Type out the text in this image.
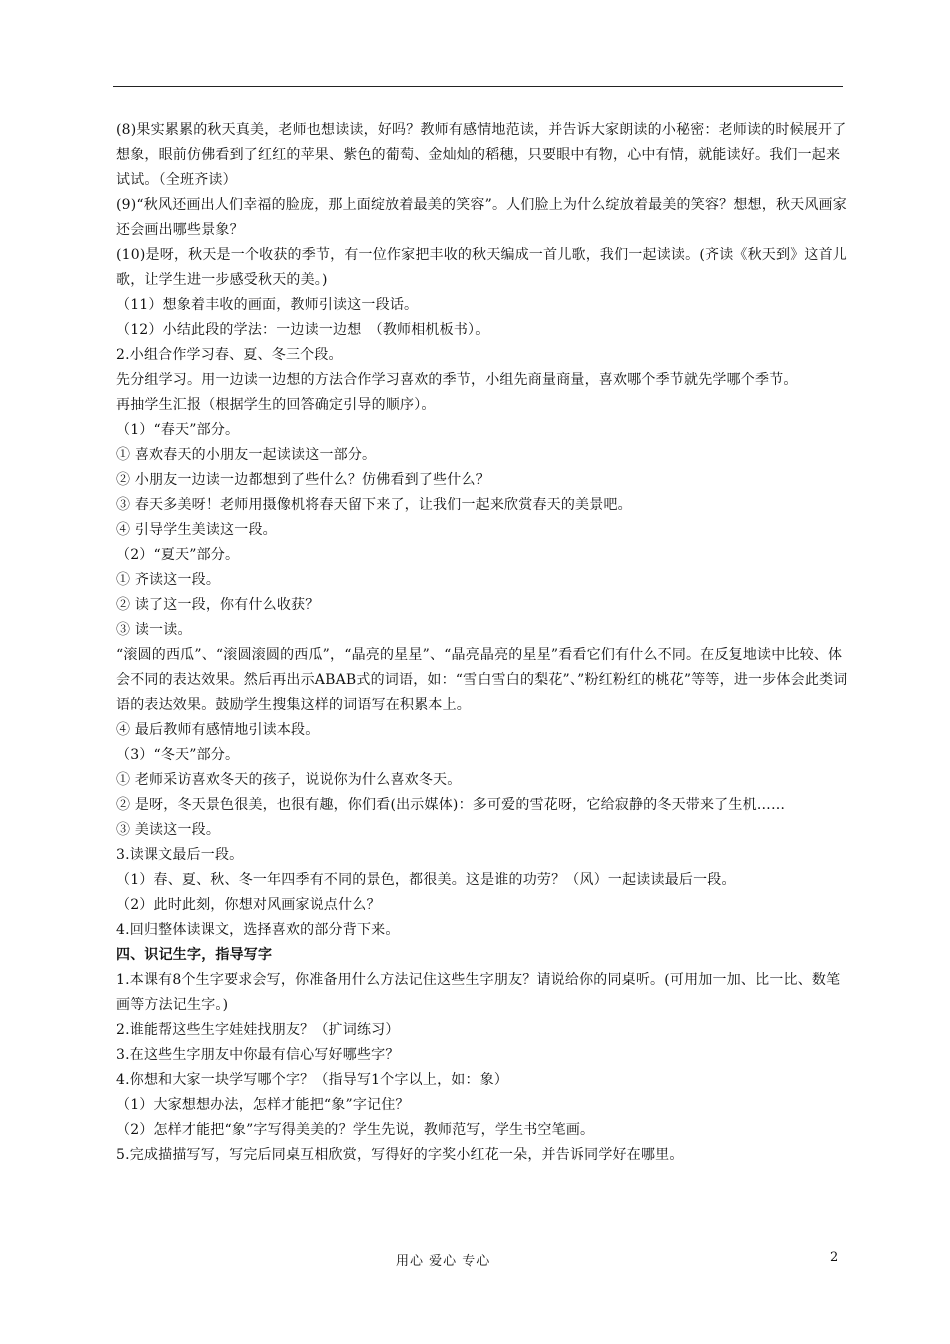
(8)果实累累的秋天真美，老师也想读读，好吗？教师有感情地范读，并告诉大家朗读的小秘密：老师读的时候展开了想象，眼前仿佛看到了红红的苹果、紫色的葡萄、金灿灿的稻穗，只要眼中有物，心中有情，就能读好。我们一起来试试。（全班齐读）

(9)“秋风还画出人们幸福的脸庞，那上面绽放着最美的笑容”。人们脸上为什么绽放着最美的笑容？想想，秋天风画家还会画出哪些景象？

(10)是呀，秋天是一个收获的季节，有一位作家把丰收的秋天编成一首儿歌，我们一起读读。(齐读《秋天到》这首儿歌，让学生进一步感受秋天的美。)

（11）想象着丰收的画面，教师引读这一段话。

（12）小结此段的学法：一边读一边想　（教师相机板书）。

2.小组合作学习春、夏、冬三个段。

先分组学习。用一边读一边想的方法合作学习喜欢的季节，小组先商量商量，喜欢哪个季节就先学哪个季节。

再抽学生汇报（根据学生的回答确定引导的顺序）。

（1）“春天”部分。

① 喜欢春天的小朋友一起读读这一部分。

② 小朋友一边读一边都想到了些什么？仿佛看到了些什么？

③ 春天多美呀！老师用摄像机将春天留下来了，让我们一起来欣赏春天的美景吧。

④ 引导学生美读这一段。

（2）“夏天”部分。

① 齐读这一段。

② 读了这一段，你有什么收获？

③ 读一读。

“滚圆的西瓜”、“滚圆滚圆的西瓜”，“晶亮的星星”、“晶亮晶亮的星星”看看它们有什么不同。在反复地读中比较、体会不同的表达效果。然后再出示ABAB式的词语，如：“雪白雪白的梨花”、”粉红粉红的桃花”等等，进一步体会此类词语的表达效果。鼓励学生搜集这样的词语写在积累本上。

④ 最后教师有感情地引读本段。

（3）“冬天”部分。

① 老师采访喜欢冬天的孩子，说说你为什么喜欢冬天。

② 是呀，冬天景色很美，也很有趣，你们看(出示媒体)：多可爱的雪花呀，它给寂静的冬天带来了生机……

③ 美读这一段。

3.读课文最后一段。

（1）春、夏、秋、冬一年四季有不同的景色，都很美。这是谁的功劳？（风）一起读读最后一段。

（2）此时此刻，你想对风画家说点什么？

4.回归整体读课文，选择喜欢的部分背下来。

四、识记生字，指导写字

1.本课有8个生字要求会写，你准备用什么方法记住这些生字朋友？请说给你的同桌听。(可用加一加、比一比、数笔画等方法记生字。)

2.谁能帮这些生字娃娃找朋友？（扩词练习）

3.在这些生字朋友中你最有信心写好哪些字？

4.你想和大家一块学写哪个字？（指导写1个字以上，如：象）

（1）大家想想办法，怎样才能把“象”字记住？

（2）怎样才能把“象”字写得美美的？学生先说，教师范写，学生书空笔画。

5.完成描描写写，写完后同桌互相欣赏，写得好的字奖小红花一朵，并告诉同学好在哪里。

用心 爱心 专心	2
